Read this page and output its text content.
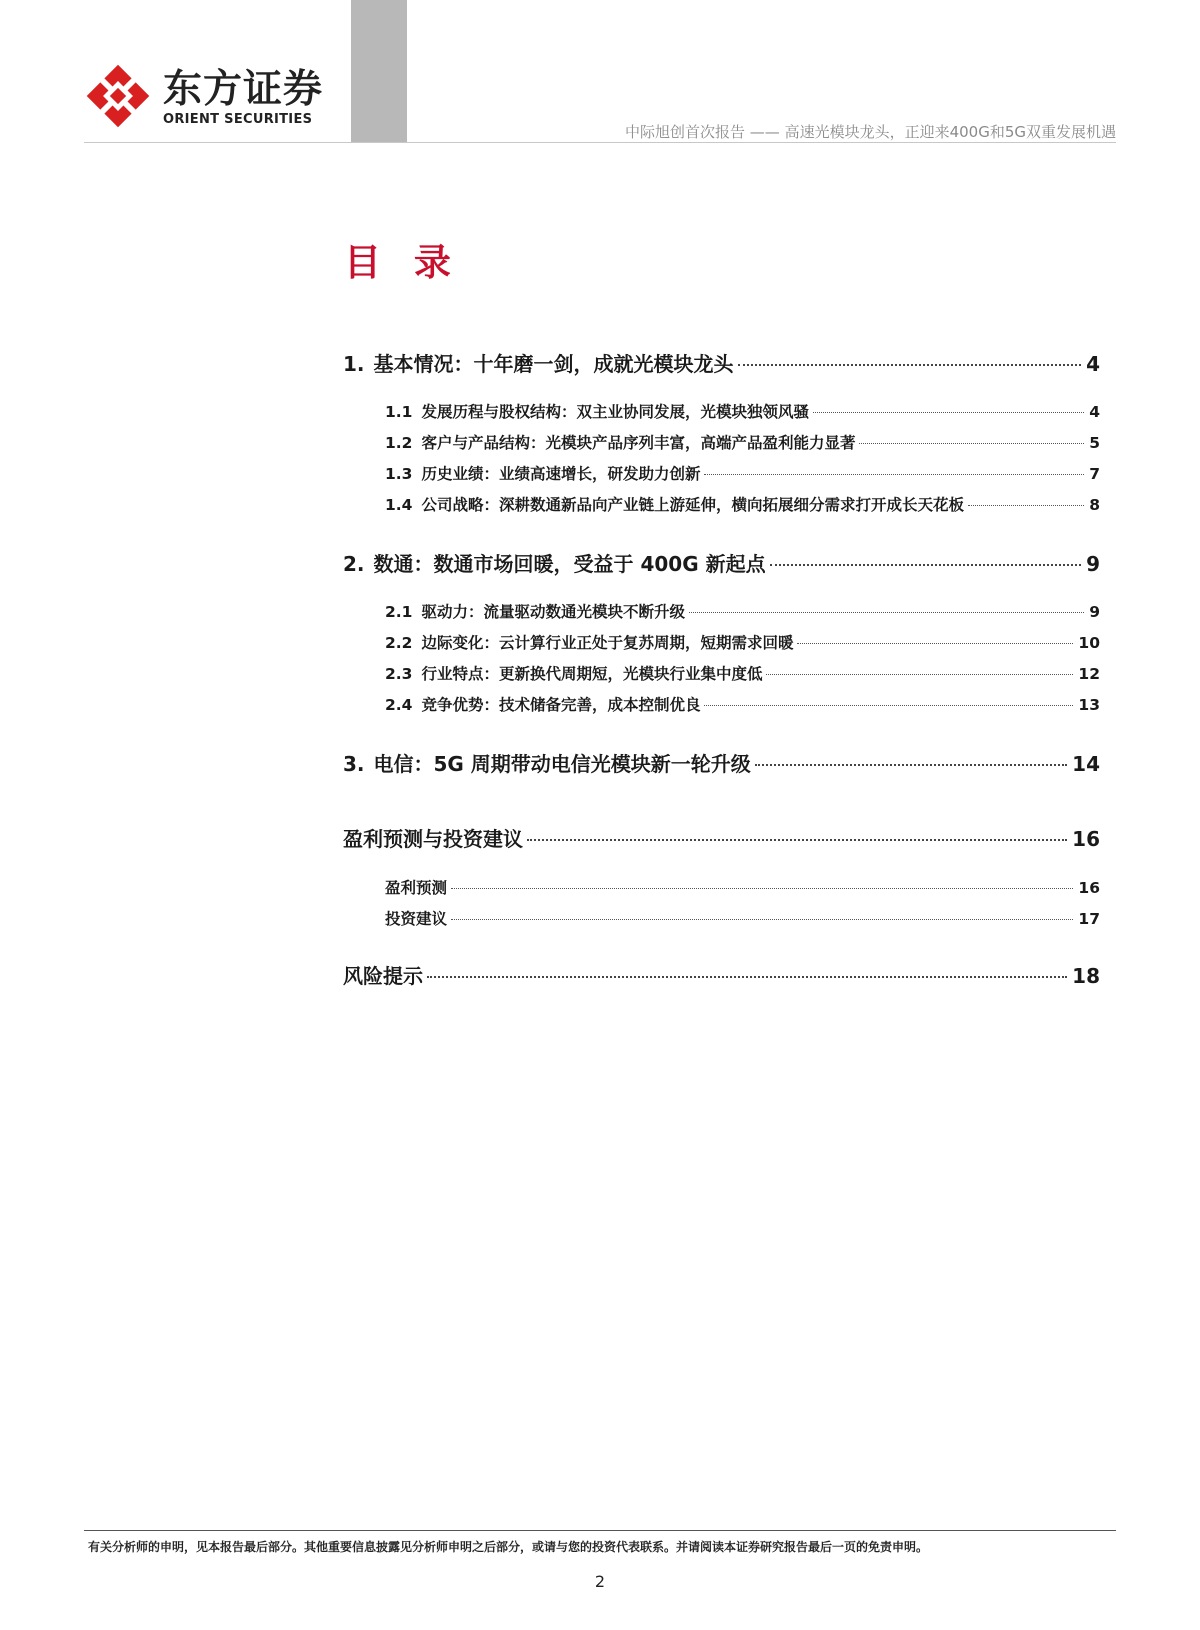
东方证券
ORIENT SECURITIES
中际旭创首次报告 —— 高速光模块龙头，正迎来400G和5G双重发展机遇
目 录
1. 基本情况：十年磨一剑，成就光模块龙头	4
1.1 发展历程与股权结构：双主业协同发展，光模块独领风骚	4
1.2 客户与产品结构：光模块产品序列丰富，高端产品盈利能力显著	5
1.3 历史业绩：业绩高速增长，研发助力创新	7
1.4 公司战略：深耕数通新品向产业链上游延伸，横向拓展细分需求打开成长天花板	8
2. 数通：数通市场回暖，受益于 400G 新起点	9
2.1 驱动力：流量驱动数通光模块不断升级	9
2.2 边际变化：云计算行业正处于复苏周期，短期需求回暖	10
2.3 行业特点：更新换代周期短，光模块行业集中度低	12
2.4 竞争优势：技术储备完善，成本控制优良	13
3. 电信：5G 周期带动电信光模块新一轮升级	14
盈利预测与投资建议	16
盈利预测	16
投资建议	17
风险提示	18
有关分析师的申明，见本报告最后部分。其他重要信息披露见分析师申明之后部分，或请与您的投资代表联系。并请阅读本证券研究报告最后一页的免责申明。
2
